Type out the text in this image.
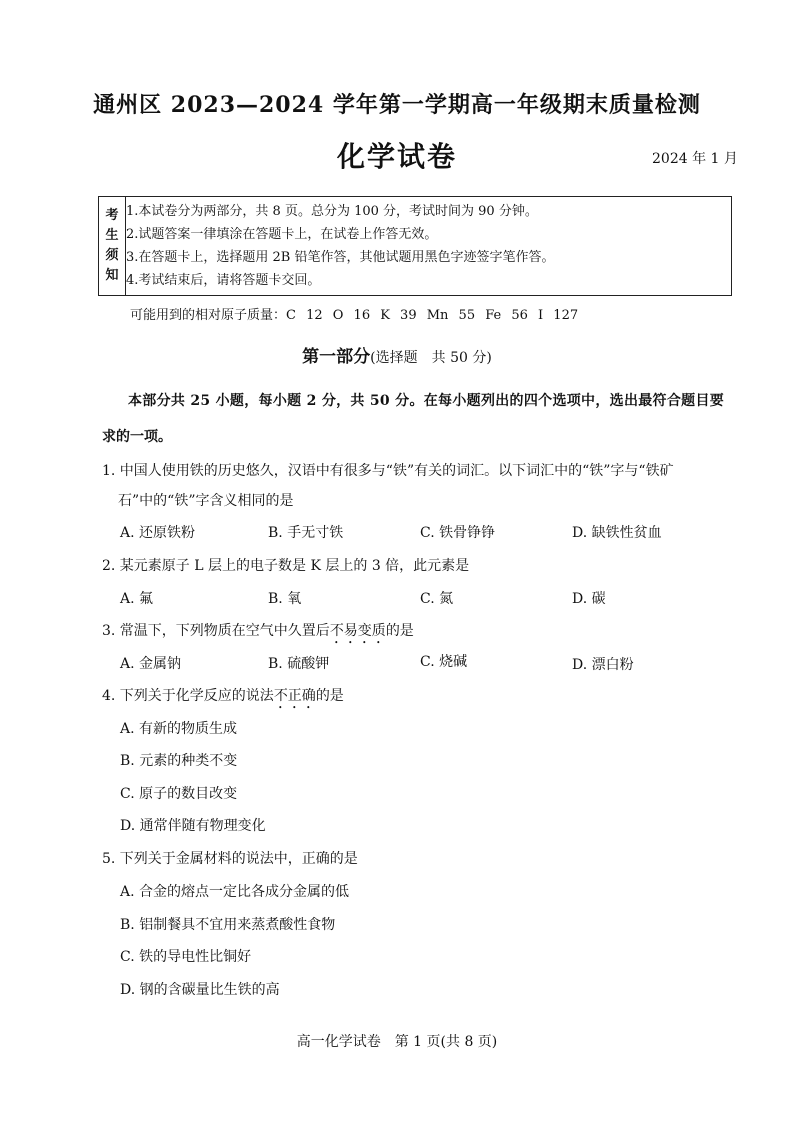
通州区 2023—2024 学年第一学期高一年级期末质量检测
化学试卷	2024 年 1 月
考
生
须
知

1.本试卷分为两部分，共 8 页。总分为 100 分，考试时间为 90 分钟。
2.试题答案一律填涂在答题卡上，在试卷上作答无效。
3.在答题卡上，选择题用 2B 铅笔作答，其他试题用黑色字迹签字笔作答。
4.考试结束后，请将答题卡交回。
可能用到的相对原子质量：C 12 O 16 K 39 Mn 55 Fe 56 I 127
第一部分(选择题　共 50 分)
本部分共 25 小题，每小题 2 分，共 50 分。在每小题列出的四个选项中，选出最符合题目要
求的一项。
1. 中国人使用铁的历史悠久，汉语中有很多与“铁”有关的词汇。以下词汇中的“铁”字与“铁矿
石”中的“铁”字含义相同的是
A. 还原铁粉	B. 手无寸铁	C. 铁骨铮铮	D. 缺铁性贫血
2. 某元素原子 L 层上的电子数是 K 层上的 3 倍，此元素是
A. 氟	B. 氧	C. 氮	D. 碳
3. 常温下，下列物质在空气中久置后不易变质的是
A. 金属钠	B. 硫酸钾	C. 烧碱	D. 漂白粉
4. 下列关于化学反应的说法不正确的是
A. 有新的物质生成
B. 元素的种类不变
C. 原子的数目改变
D. 通常伴随有物理变化
5. 下列关于金属材料的说法中，正确的是
A. 合金的熔点一定比各成分金属的低
B. 铝制餐具不宜用来蒸煮酸性食物
C. 铁的导电性比铜好
D. 钢的含碳量比生铁的高
高一化学试卷　第 1 页(共 8 页)
